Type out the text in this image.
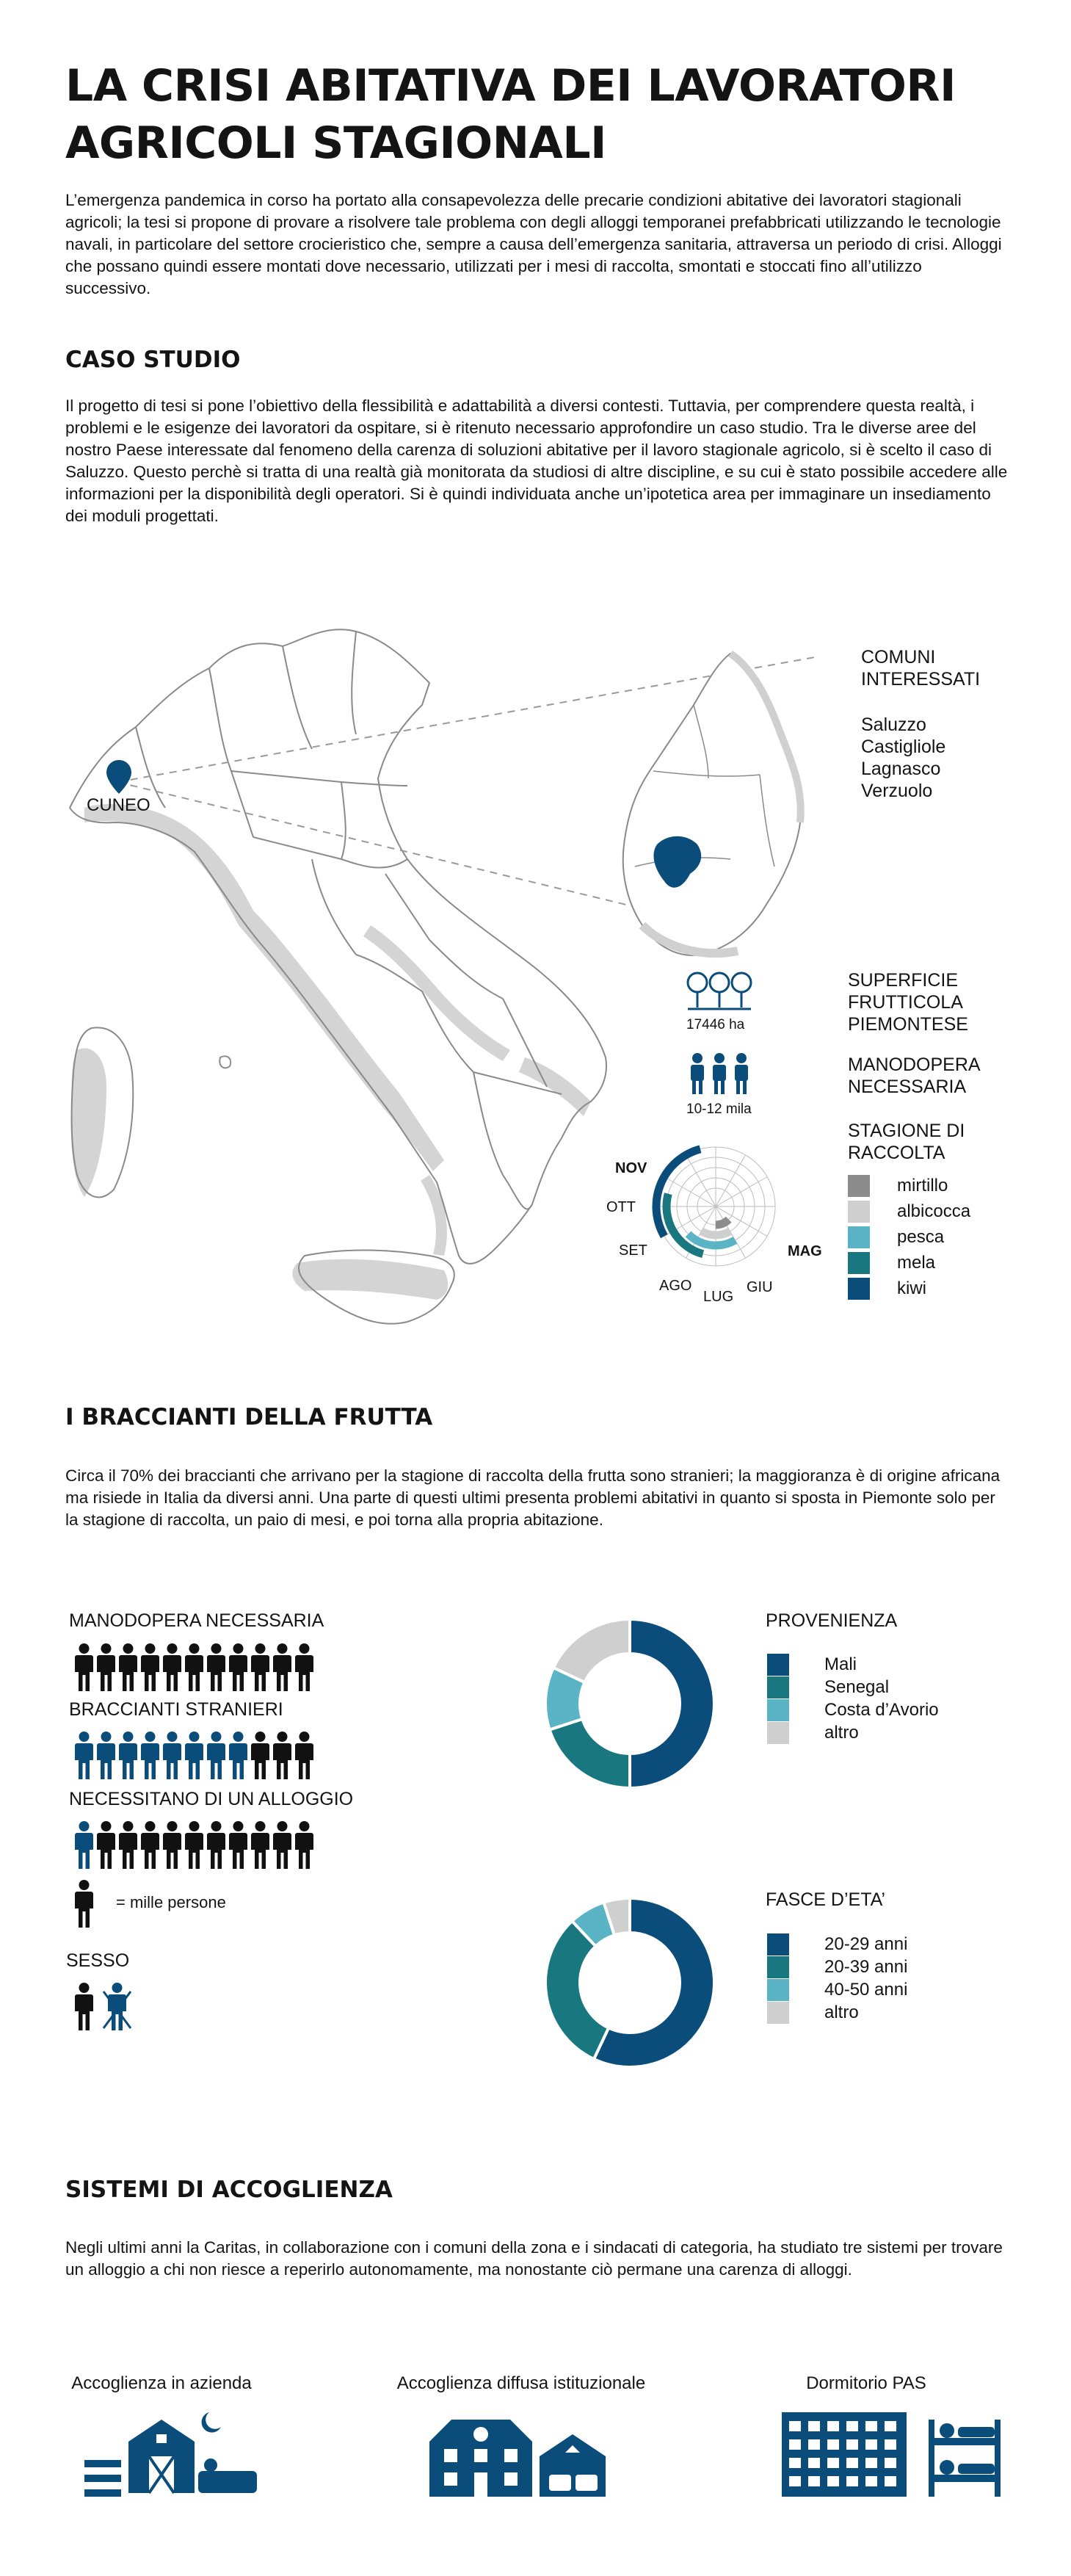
LA CRISI ABITATIVA DEI LAVORATORI AGRICOLI STAGIONALI

L’emergenza pandemica in corso ha portato alla consapevolezza delle precarie condizioni abitative dei lavoratori stagionali agricoli; la tesi si propone di provare a risolvere tale problema con degli alloggi temporanei prefabbricati utilizzando le tecnologie navali, in particolare del settore crocieristico che, sempre a causa dell’emergenza sanitaria, attraversa un periodo di crisi. Alloggi che possano quindi essere montati dove necessario, utilizzati per i mesi di raccolta, smontati e stoccati fino all’utilizzo successivo.

CASO STUDIO

Il progetto di tesi si pone l’obiettivo della flessibilità e adattabilità a diversi contesti. Tuttavia, per comprendere questa realtà, i problemi e le esigenze dei lavoratori da ospitare, si è ritenuto necessario approfondire un caso studio. Tra le diverse aree del nostro Paese interessate dal fenomeno della carenza di soluzioni abitative per il lavoro stagionale agricolo, si è scelto il caso di Saluzzo. Questo perchè si tratta di una realtà già monitorata da studiosi di altre discipline, e su cui è stato possibile accedere alle informazioni per la disponibilità degli operatori. Si è quindi individuata anche un’ipotetica area per immaginare un insediamento dei moduli progettati.

CUNEO
COMUNI INTERESSATI
Saluzzo
Castigliole
Lagnasco
Verzuolo
17446 ha
SUPERFICIE FRUTTICOLA PIEMONTESE
10-12 mila
MANODOPERA NECESSARIA
STAGIONE DI RACCOLTA
NOV
OTT
SET
AGO
LUG
GIU
MAG
mirtillo
albicocca
pesca
mela
kiwi
I BRACCIANTI DELLA FRUTTA

Circa il 70% dei braccianti che arrivano per la stagione di raccolta della frutta sono stranieri; la maggioranza è di origine africana ma risiede in Italia da diversi anni. Una parte di questi ultimi presenta problemi abitativi in quanto si sposta in Piemonte solo per la stagione di raccolta, un paio di mesi, e poi torna alla propria abitazione.

MANODOPERA NECESSARIA
BRACCIANTI STRANIERI
NECESSITANO DI UN ALLOGGIO
= mille persone
SESSO
PROVENIENZA
Mali
Senegal
Costa d’Avorio
altro
FASCE D’ETA’
20-29 anni
20-39 anni
40-50 anni
altro
SISTEMI DI ACCOGLIENZA

Negli ultimi anni la Caritas, in collaborazione con i comuni della zona e i sindacati di categoria, ha studiato tre sistemi per trovare un alloggio a chi non riesce a reperirlo autonomamente, ma nonostante ciò permane una carenza di alloggi.

Accoglienza in azienda	Accoglienza diffusa istituzionale	Dormitorio PAS
